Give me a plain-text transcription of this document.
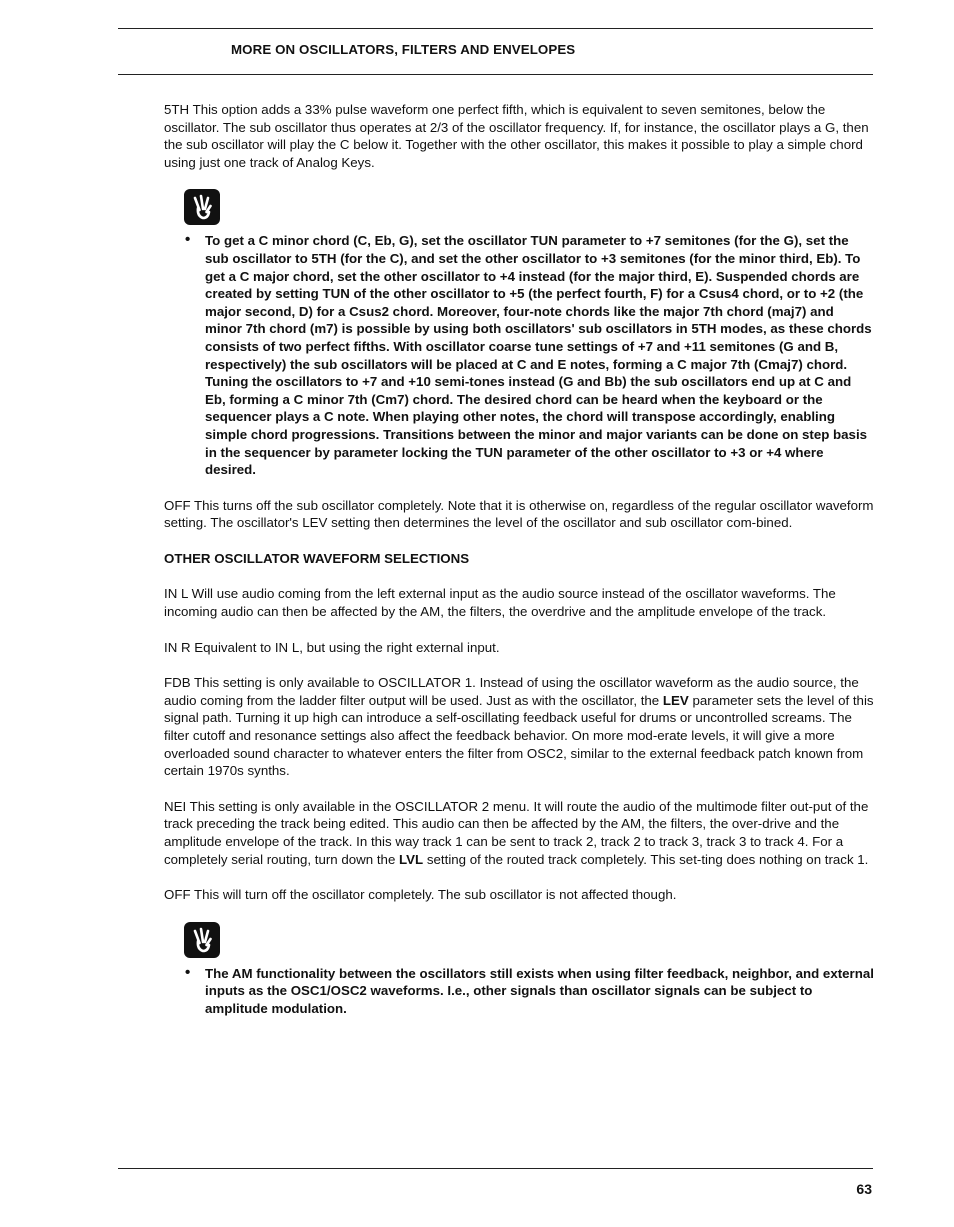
MORE ON OSCILLATORS, FILTERS AND ENVELOPES

5TH This option adds a 33% pulse waveform one perfect fifth, which is equivalent to seven semitones, below the oscillator. The sub oscillator thus operates at 2/3 of the oscillator frequency. If, for instance, the oscillator plays a G, then the sub oscillator will play the C below it. Together with the other oscillator, this makes it possible to play a simple chord using just one track of Analog Keys.

• To get a C minor chord (C, Eb, G), set the oscillator TUN parameter to +7 semitones (for the G), set the sub oscillator to 5TH (for the C), and set the other oscillator to +3 semitones (for the minor third, Eb). To get a C major chord, set the other oscillator to +4 instead (for the major third, E). Suspended chords are created by setting TUN of the other oscillator to +5 (the perfect fourth, F) for a Csus4 chord, or to +2 (the major second, D) for a Csus2 chord. Moreover, four-note chords like the major 7th chord (maj7) and minor 7th chord (m7) is possible by using both oscillators' sub oscillators in 5TH modes, as these chords consists of two perfect fifths. With oscillator coarse tune settings of +7 and +11 semitones (G and B, respectively) the sub oscillators will be placed at C and E notes, forming a C major 7th (Cmaj7) chord. Tuning the oscillators to +7 and +10 semi-tones instead (G and Bb) the sub oscillators end up at C and Eb, forming a C minor 7th (Cm7) chord. The desired chord can be heard when the keyboard or the sequencer plays a C note. When playing other notes, the chord will transpose accordingly, enabling simple chord progressions. Transitions between the minor and major variants can be done on step basis in the sequencer by parameter locking the TUN parameter of the other oscillator to +3 or +4 where desired.

OFF This turns off the sub oscillator completely. Note that it is otherwise on, regardless of the regular oscillator waveform setting. The oscillator's LEV setting then determines the level of the oscillator and sub oscillator com-bined.

OTHER OSCILLATOR WAVEFORM SELECTIONS

IN L Will use audio coming from the left external input as the audio source instead of the oscillator waveforms. The incoming audio can then be affected by the AM, the filters, the overdrive and the amplitude envelope of the track.

IN R Equivalent to IN L, but using the right external input.

FDB This setting is only available to OSCILLATOR 1. Instead of using the oscillator waveform as the audio source, the audio coming from the ladder filter output will be used. Just as with the oscillator, the LEV parameter sets the level of this signal path. Turning it up high can introduce a self-oscillating feedback useful for drums or uncontrolled screams. The filter cutoff and resonance settings also affect the feedback behavior. On more mod-erate levels, it will give a more overloaded sound character to whatever enters the filter from OSC2, similar to the external feedback patch known from certain 1970s synths.

NEI This setting is only available in the OSCILLATOR 2 menu. It will route the audio of the multimode filter out-put of the track preceding the track being edited. This audio can then be affected by the AM, the filters, the over-drive and the amplitude envelope of the track. In this way track 1 can be sent to track 2, track 2 to track 3, track 3 to track 4. For a completely serial routing, turn down the LVL setting of the routed track completely. This set-ting does nothing on track 1.

OFF This will turn off the oscillator completely. The sub oscillator is not affected though.

• The AM functionality between the oscillators still exists when using filter feedback, neighbor, and external inputs as the OSC1/OSC2 waveforms. I.e., other signals than oscillator signals can be subject to amplitude modulation.
63
